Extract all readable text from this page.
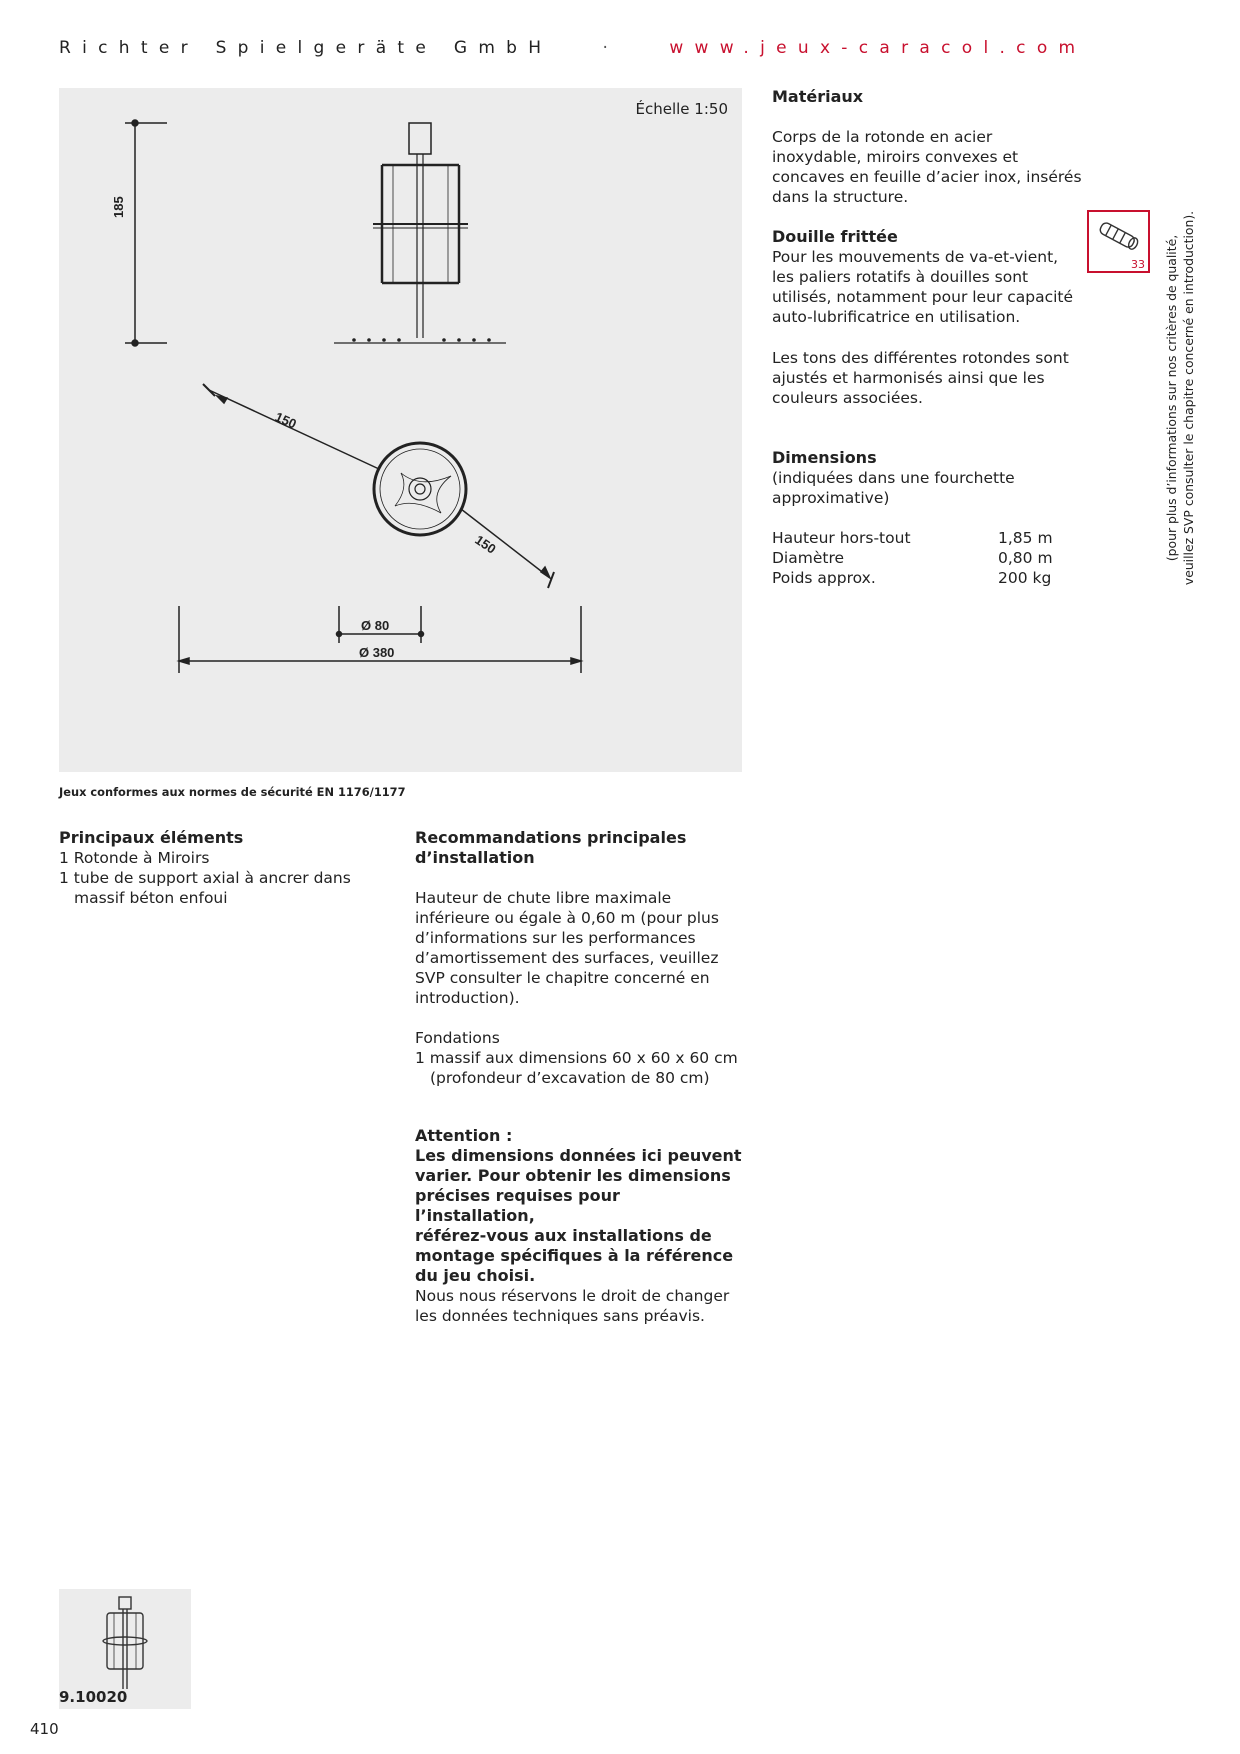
Richter Spielgeräte GmbH	·	www.jeux-caracol.com
Échelle 1:50
185
150
150
Ø 80
Ø 380
Jeux conformes aux normes de sécurité EN 1176/1177
Matériaux
Corps de la rotonde en acier
inoxydable, miroirs convexes et
concaves en feuille d’acier inox, insérés
dans la structure.
Douille frittée
Pour les mouvements de va-et-vient,
les paliers rotatifs à douilles sont
utilisés, notamment pour leur capacité
auto-lubrificatrice en utilisation.
33
Les tons des différentes rotondes sont
ajustés et harmonisés ainsi que les
couleurs associées.
Dimensions
(indiquées dans une fourchette
approximative)
Hauteur hors-tout	1,85 m
Diamètre	0,80 m
Poids approx.	200 kg
(pour plus d’informations sur nos critères de qualité, veuillez SVP consulter le chapitre concerné en introduction).
Principaux éléments
1 Rotonde à Miroirs
1 tube de support axial à ancrer dans
massif béton enfoui
Recommandations principales
d’installation
Hauteur de chute libre maximale
inférieure ou égale à 0,60 m (pour plus
d’informations sur les performances
d’amortissement des surfaces, veuillez
SVP consulter le chapitre concerné en
introduction).
Fondations
1 massif aux dimensions 60 x 60 x 60 cm
(profondeur d’excavation de 80 cm)
Attention :
Les dimensions données ici peuvent
varier. Pour obtenir les dimensions
précises requises pour l’installation,
référez-vous aux installations de
montage spécifiques à la référence
du jeu choisi.
Nous nous réservons le droit de changer
les données techniques sans préavis.
9.10020
410
